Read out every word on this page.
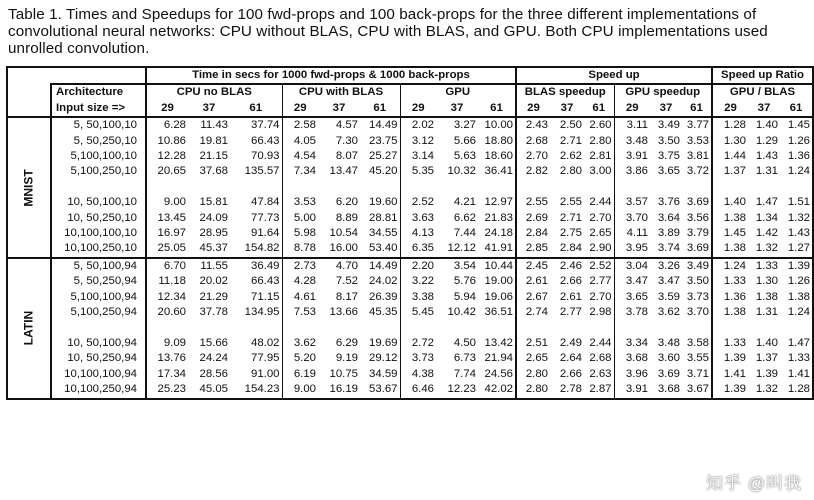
Table 1. Times and Speedups for 100 fwd-props and 100 back-props for the three different implementations of convolutional neural networks: CPU without BLAS, CPU with BLAS, and GPU. Both CPU implementations used unrolled convolution.
		Time in secs for 1000 fwd-props & 1000 back-props									Speed up						Speed up Ratio		
	Architecture	CPU no BLAS			CPU with BLAS			GPU			BLAS speedup			GPU speedup			GPU / BLAS		
	Input size =>	29	37	61	29	37	61	29	37	61	29	37	61	29	37	61	29	37	61

MNIST	5, 50,100,10	6.28	11.43	37.74	2.58	4.57	14.49	2.02	3.27	10.00	2.43	2.50	2.60	3.11	3.49	3.77	1.28	1.40	1.45
	5, 50,250,10	10.86	19.81	66.43	4.05	7.30	23.75	3.12	5.66	18.80	2.68	2.71	2.80	3.48	3.50	3.53	1.30	1.29	1.26
	5,100,100,10	12.28	21.15	70.93	4.54	8.07	25.27	3.14	5.63	18.60	2.70	2.62	2.81	3.91	3.75	3.81	1.44	1.43	1.36
	5,100,250,10	20.65	37.68	135.57	7.34	13.47	45.20	5.35	10.32	36.41	2.82	2.80	3.00	3.86	3.65	3.72	1.37	1.31	1.24

	10, 50,100,10	9.00	15.81	47.84	3.53	6.20	19.60	2.52	4.21	12.97	2.55	2.55	2.44	3.57	3.76	3.69	1.40	1.47	1.51
	10, 50,250,10	13.45	24.09	77.73	5.00	8.89	28.81	3.63	6.62	21.83	2.69	2.71	2.70	3.70	3.64	3.56	1.38	1.34	1.32
	10,100,100,10	16.97	28.95	91.64	5.98	10.54	34.55	4.13	7.44	24.18	2.84	2.75	2.65	4.11	3.89	3.79	1.45	1.42	1.43
	10,100,250,10	25.05	45.37	154.82	8.78	16.00	53.40	6.35	12.12	41.91	2.85	2.84	2.90	3.95	3.74	3.69	1.38	1.32	1.27

LATIN	5, 50,100,94	6.70	11.55	36.49	2.73	4.70	14.49	2.20	3.54	10.44	2.45	2.46	2.52	3.04	3.26	3.49	1.24	1.33	1.39
	5, 50,250,94	11.18	20.02	66.43	4.28	7.52	24.02	3.22	5.76	19.00	2.61	2.66	2.77	3.47	3.47	3.50	1.33	1.30	1.26
	5,100,100,94	12.34	21.29	71.15	4.61	8.17	26.39	3.38	5.94	19.06	2.67	2.61	2.70	3.65	3.59	3.73	1.36	1.38	1.38
	5,100,250,94	20.60	37.78	134.95	7.53	13.66	45.35	5.45	10.42	36.51	2.74	2.77	2.98	3.78	3.62	3.70	1.38	1.31	1.24

	10, 50,100,94	9.09	15.66	48.02	3.62	6.29	19.69	2.72	4.50	13.42	2.51	2.49	2.44	3.34	3.48	3.58	1.33	1.40	1.47
	10, 50,250,94	13.76	24.24	77.95	5.20	9.19	29.12	3.73	6.73	21.94	2.65	2.64	2.68	3.68	3.60	3.55	1.39	1.37	1.33
	10,100,100,94	17.34	28.56	91.00	6.19	10.75	34.59	4.38	7.74	24.56	2.80	2.66	2.63	3.96	3.69	3.71	1.41	1.39	1.41
	10,100,250,94	25.23	45.05	154.23	9.00	16.19	53.67	6.46	12.23	42.02	2.80	2.78	2.87	3.91	3.68	3.67	1.39	1.32	1.28
知乎 @叫我
